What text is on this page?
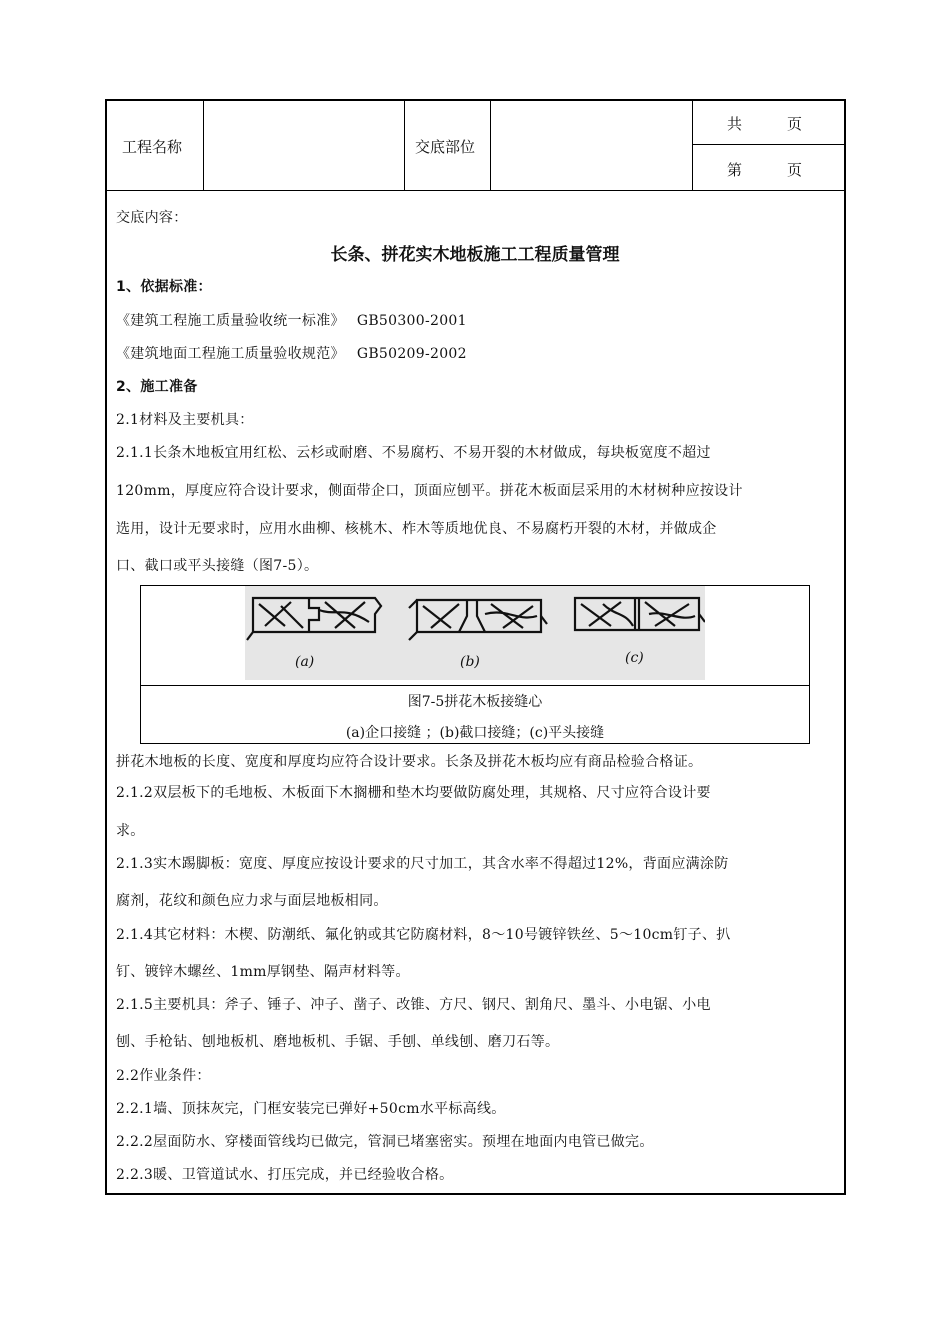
工程名称	交底部位
共　　　页
第　　　页
交底内容：
长条、拼花实木地板施工工程质量管理
1、依据标准：
《建筑工程施工质量验收统一标准》　 GB50300-2001
《建筑地面工程施工质量验收规范》　 GB50209-2002
2、施工准备
2.1材料及主要机具：
2.1.1长条木地板宜用红松、云杉或耐磨、不易腐朽、不易开裂的木材做成，每块板宽度不超过
120mm，厚度应符合设计要求，侧面带企口，顶面应刨平。拼花木板面层采用的木材树种应按设计
选用，设计无要求时，应用水曲柳、核桃木、柞木等质地优良、不易腐朽开裂的木材，并做成企
口、截口或平头接缝（图7-5）。
(a)	(b)	(c)
图7-5拼花木板接缝心
(a)企口接缝 ；(b)截口接缝；(c)平头接缝
拼花木地板的长度、宽度和厚度均应符合设计要求。长条及拼花木板均应有商品检验合格证。
2.1.2双层板下的毛地板、木板面下木搁栅和垫木均要做防腐处理，其规格、尺寸应符合设计要
求。
2.1.3实木踢脚板：宽度、厚度应按设计要求的尺寸加工，其含水率不得超过12%，背面应满涂防
腐剂，花纹和颜色应力求与面层地板相同。
2.1.4其它材料：木楔、防潮纸、氟化钠或其它防腐材料，8～10号镀锌铁丝、5～10cm钉子、扒
钉、镀锌木螺丝、1mm厚钢垫、隔声材料等。
2.1.5主要机具：斧子、锤子、冲子、凿子、改锥、方尺、钢尺、割角尺、墨斗、小电锯、小电
刨、手枪钻、刨地板机、磨地板机、手锯、手刨、单线刨、磨刀石等。
2.2作业条件：
2.2.1墙、顶抹灰完，门框安装完已弹好+50cm水平标高线。
2.2.2屋面防水、穿楼面管线均已做完，管洞已堵塞密实。预埋在地面内电管已做完。
2.2.3暖、卫管道试水、打压完成，并已经验收合格。
